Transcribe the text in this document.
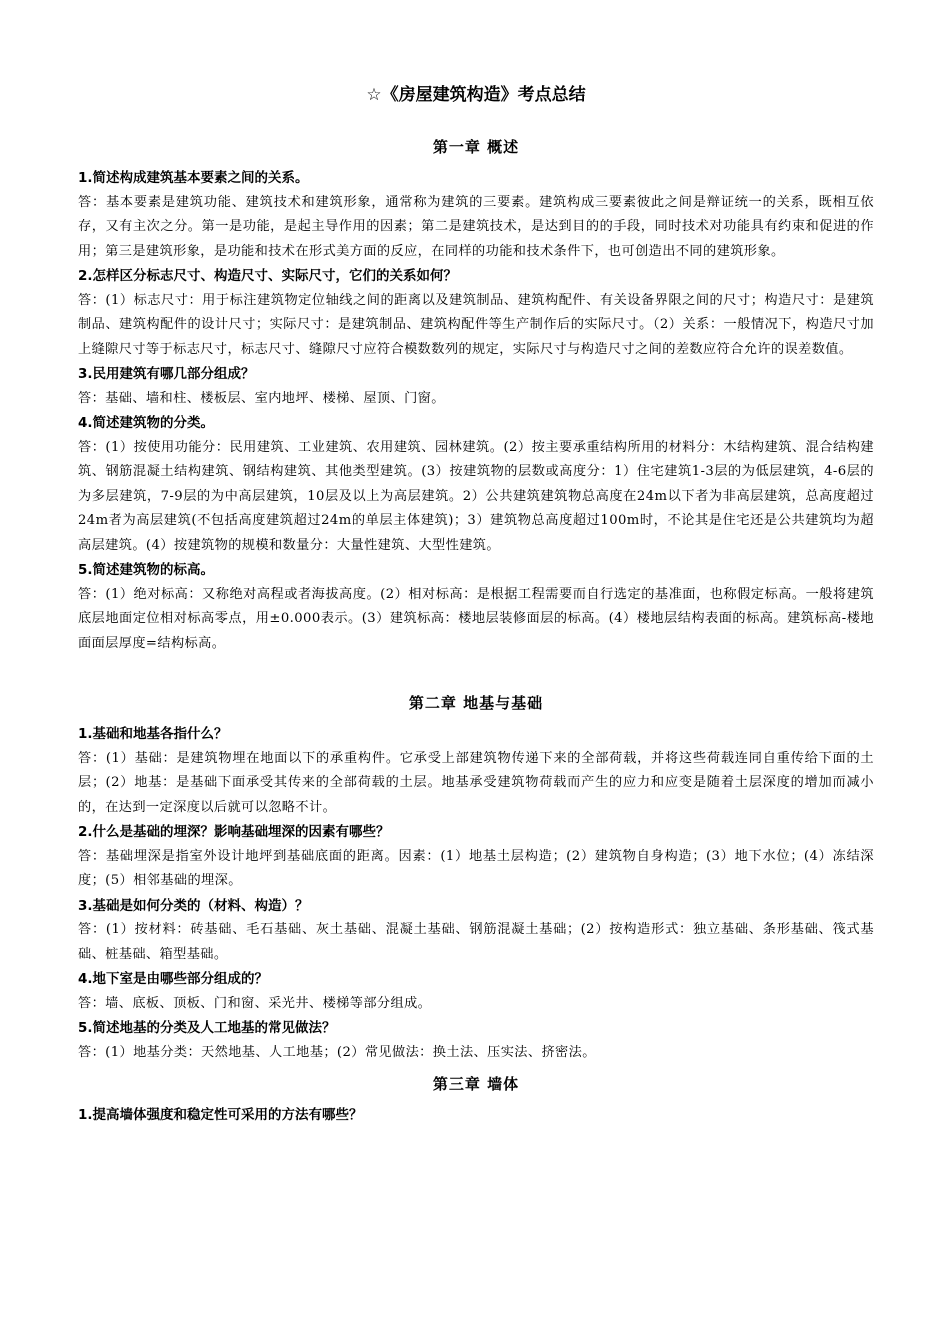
☆《房屋建筑构造》考点总结
第一章 概述

1.简述构成建筑基本要素之间的关系。

答：基本要素是建筑功能、建筑技术和建筑形象，通常称为建筑的三要素。建筑构成三要素彼此之间是辩证统一的关系，既相互依存，又有主次之分。第一是功能，是起主导作用的因素；第二是建筑技术，是达到目的的手段，同时技术对功能具有约束和促进的作用；第三是建筑形象，是功能和技术在形式美方面的反应，在同样的功能和技术条件下，也可创造出不同的建筑形象。

2.怎样区分标志尺寸、构造尺寸、实际尺寸，它们的关系如何？

答：(1）标志尺寸：用于标注建筑物定位轴线之间的距离以及建筑制品、建筑构配件、有关设备界限之间的尺寸；构造尺寸：是建筑制品、建筑构配件的设计尺寸；实际尺寸：是建筑制品、建筑构配件等生产制作后的实际尺寸。（2）关系：一般情况下，构造尺寸加上缝隙尺寸等于标志尺寸，标志尺寸、缝隙尺寸应符合模数数列的规定，实际尺寸与构造尺寸之间的差数应符合允许的误差数值。

3.民用建筑有哪几部分组成？

答：基础、墙和柱、楼板层、室内地坪、楼梯、屋顶、门窗。

4.简述建筑物的分类。

答：(1）按使用功能分：民用建筑、工业建筑、农用建筑、园林建筑。(2）按主要承重结构所用的材料分：木结构建筑、混合结构建筑、钢筋混凝土结构建筑、钢结构建筑、其他类型建筑。(3）按建筑物的层数或高度分：1）住宅建筑1-3层的为低层建筑，4-6层的为多层建筑，7-9层的为中高层建筑，10层及以上为高层建筑。2）公共建筑建筑物总高度在24m以下者为非高层建筑，总高度超过24m者为高层建筑(不包括高度建筑超过24m的单层主体建筑)；3）建筑物总高度超过100m时，不论其是住宅还是公共建筑均为超高层建筑。(4）按建筑物的规模和数量分：大量性建筑、大型性建筑。

5.简述建筑物的标高。

答：(1）绝对标高：又称绝对高程或者海拔高度。(2）相对标高：是根据工程需要而自行选定的基准面，也称假定标高。一般将建筑底层地面定位相对标高零点，用±0.000表示。(3）建筑标高：楼地层装修面层的标高。(4）楼地层结构表面的标高。建筑标高-楼地面面层厚度=结构标高。

第二章 地基与基础

1.基础和地基各指什么？

答：(1）基础：是建筑物埋在地面以下的承重构件。它承受上部建筑物传递下来的全部荷载，并将这些荷载连同自重传给下面的土层；(2）地基：是基础下面承受其传来的全部荷载的土层。地基承受建筑物荷载而产生的应力和应变是随着土层深度的增加而减小的，在达到一定深度以后就可以忽略不计。

2.什么是基础的埋深？影响基础埋深的因素有哪些？

答：基础埋深是指室外设计地坪到基础底面的距离。因素：(1）地基土层构造；(2）建筑物自身构造；(3）地下水位；(4）冻结深度；(5）相邻基础的埋深。

3.基础是如何分类的（材料、构造）？

答：(1）按材料：砖基础、毛石基础、灰土基础、混凝土基础、钢筋混凝土基础；(2）按构造形式：独立基础、条形基础、筏式基础、桩基础、箱型基础。

4.地下室是由哪些部分组成的？

答：墙、底板、顶板、门和窗、采光井、楼梯等部分组成。

5.简述地基的分类及人工地基的常见做法？

答：(1）地基分类：天然地基、人工地基；(2）常见做法：换土法、压实法、挤密法。

第三章 墙体

1.提高墙体强度和稳定性可采用的方法有哪些？
